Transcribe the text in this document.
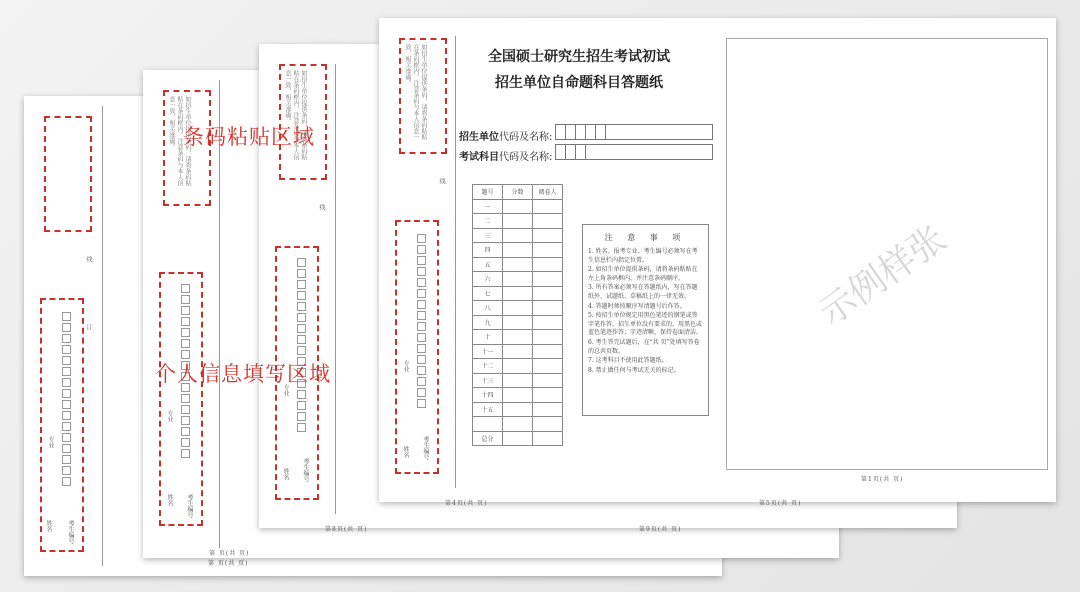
姓名
专业
考生编号
线
订
第 页(共 页)
如招生单位提供条码，请将条码粘贴在条码框内。注意条码与本人信息一致，相关准确。
姓名
专业
考生编号
第 页(共 页)
如招生单位提供条码，请将条码粘贴在条码框内。注意条码与本人信息一致，相关准确。
姓名
专业
考生编号
线
第8页(共 页)	第9页(共 页)
如招生单位提供条码，请将条码粘贴在条码框内。注意条码与本人信息一致，相关准确。
姓名
专业
考生编号
线
全国硕士研究生招生考试初试
招生单位自命题科目答题纸
招生单位代码及名称:
考试科目代码及名称:
题号	分数	阅卷人
一		
二		
三		
四		
五		
六		
七		
八		
九		
十		
十一		
十二		
十三		
十四		
十五		

总分		
注 意 事 项
1. 姓名、报考专业、考生编号必须写在考生信息栏内指定位置。
2. 如招生单位提供条码，请将条码粘贴在左上角条码框内，并注意条码顺序。
3. 所有答案必须写在答题纸内，写在答题纸外、试题纸、草稿纸上的一律无效。
4. 答题时须按顺序写清题号后作答。
5. 按招生单位规定用黑色笔迹的钢笔或签字笔作答，招生单位没有要求的，用黑色或蓝色笔迹作答；字迹清晰，保持卷面清洁。
6. 考生答完试题后，在“共 页”处填写答卷的总共页数。
7. 这考科目不使用此答题纸。
8. 禁止做任何与考试无关的标记。
示例样张
第1页(共 页)
第4页(共 页)	第5页(共 页)
条码粘贴区域
个人信息填写区域
